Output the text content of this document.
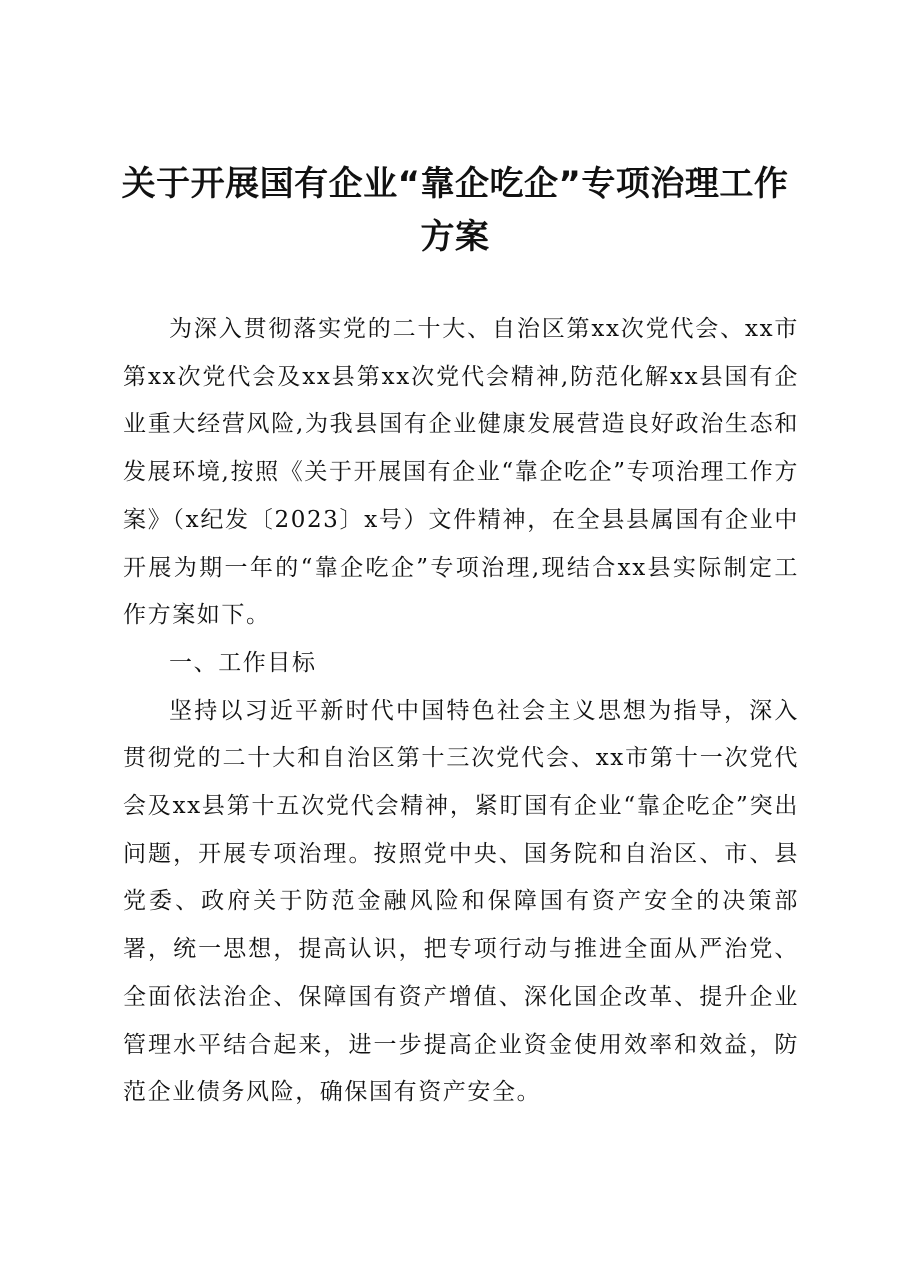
关于开展国有企业“靠企吃企”专项治理工作
方案

为深入贯彻落实党的二十大、自治区第xx次党代会、xx市第xx次党代会及xx县第xx次党代会精神,防范化解xx县国有企业重大经营风险,为我县国有企业健康发展营造良好政治生态和发展环境,按照《关于开展国有企业“靠企吃企”专项治理工作方案》（x纪发〔2023〕x号）文件精神，在全县县属国有企业中开展为期一年的“靠企吃企”专项治理,现结合xx县实际制定工作方案如下。

一、工作目标

坚持以习近平新时代中国特色社会主义思想为指导，深入贯彻党的二十大和自治区第十三次党代会、xx市第十一次党代会及xx县第十五次党代会精神，紧盯国有企业“靠企吃企”突出问题，开展专项治理。按照党中央、国务院和自治区、市、县党委、政府关于防范金融风险和保障国有资产安全的决策部署，统一思想，提高认识，把专项行动与推进全面从严治党、全面依法治企、保障国有资产增值、深化国企改革、提升企业管理水平结合起来，进一步提高企业资金使用效率和效益，防范企业债务风险，确保国有资产安全。
